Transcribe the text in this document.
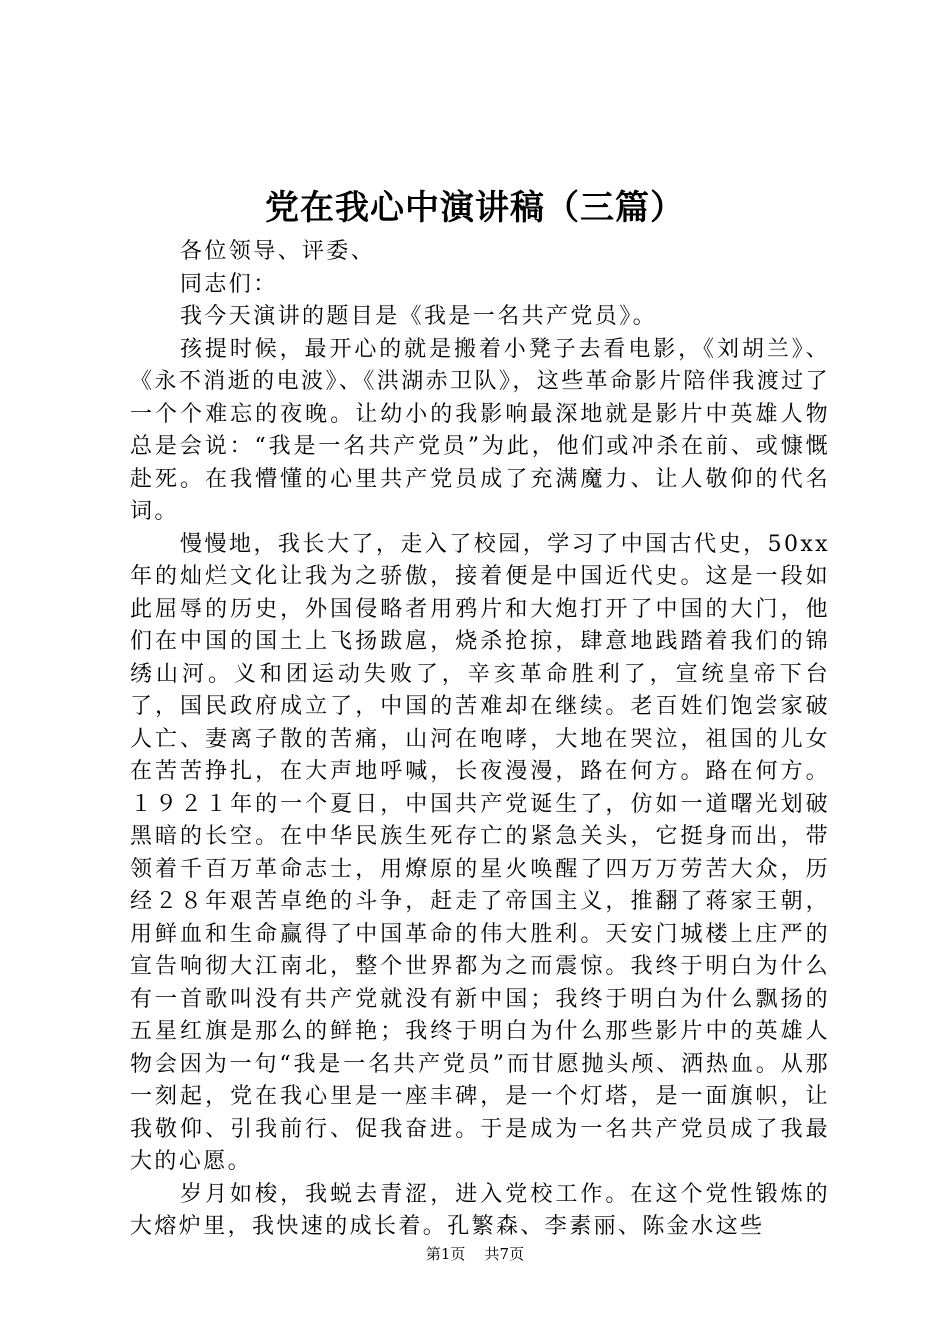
党在我心中演讲稿（三篇）

各位领导、评委、

同志们：

我今天演讲的题目是《我是一名共产党员》。

孩提时候，最开心的就是搬着小凳子去看电影，《刘胡兰》、《永不消逝的电波》、《洪湖赤卫队》，这些革命影片陪伴我渡过了一个个难忘的夜晚。让幼小的我影响最深地就是影片中英雄人物总是会说：“我是一名共产党员”为此，他们或冲杀在前、或慷慨赴死。在我懵懂的心里共产党员成了充满魔力、让人敬仰的代名词。

慢慢地，我长大了，走入了校园，学习了中国古代史，50xx年的灿烂文化让我为之骄傲，接着便是中国近代史。这是一段如此屈辱的历史，外国侵略者用鸦片和大炮打开了中国的大门，他们在中国的国土上飞扬跋扈，烧杀抢掠，肆意地践踏着我们的锦绣山河。义和团运动失败了，辛亥革命胜利了，宣统皇帝下台了，国民政府成立了，中国的苦难却在继续。老百姓们饱尝家破人亡、妻离子散的苦痛，山河在咆哮，大地在哭泣，祖国的儿女在苦苦挣扎，在大声地呼喊，长夜漫漫，路在何方。路在何方。１９２１年的一个夏日，中国共产党诞生了，仿如一道曙光划破黑暗的长空。在中华民族生死存亡的紧急关头，它挺身而出，带领着千百万革命志士，用燎原的星火唤醒了四万万劳苦大众，历经２８年艰苦卓绝的斗争，赶走了帝国主义，推翻了蒋家王朝，用鲜血和生命赢得了中国革命的伟大胜利。天安门城楼上庄严的宣告响彻大江南北，整个世界都为之而震惊。我终于明白为什么有一首歌叫没有共产党就没有新中国；我终于明白为什么飘扬的五星红旗是那么的鲜艳；我终于明白为什么那些影片中的英雄人物会因为一句“我是一名共产党员”而甘愿抛头颅、洒热血。从那一刻起，党在我心里是一座丰碑，是一个灯塔，是一面旗帜，让我敬仰、引我前行、促我奋进。于是成为一名共产党员成了我最大的心愿。

岁月如梭，我蜕去青涩，进入党校工作。在这个党性锻炼的大熔炉里，我快速的成长着。孔繁森、李素丽、陈金水这些

第1页 共7页
